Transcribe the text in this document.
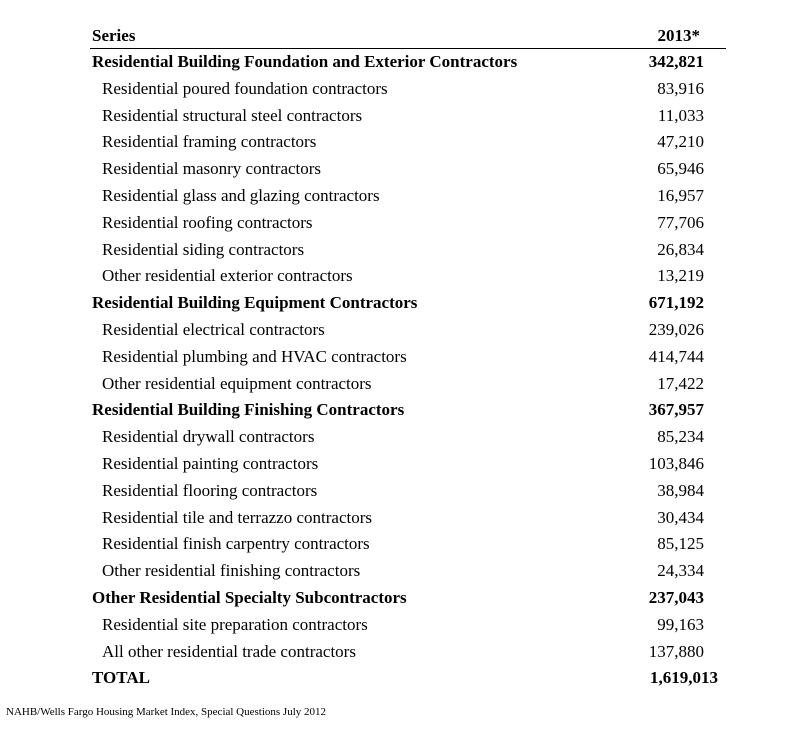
Series	2013*
Residential Building Foundation and Exterior Contractors	342,821
Residential poured foundation contractors	83,916
Residential structural steel contractors	11,033
Residential framing contractors	47,210
Residential masonry contractors	65,946
Residential glass and glazing contractors	16,957
Residential roofing contractors	77,706
Residential siding contractors	26,834
Other residential exterior contractors	13,219
Residential Building Equipment Contractors	671,192
Residential electrical contractors	239,026
Residential plumbing and HVAC contractors	414,744
Other residential equipment contractors	17,422
Residential Building Finishing Contractors	367,957
Residential drywall contractors	85,234
Residential painting contractors	103,846
Residential flooring contractors	38,984
Residential tile and terrazzo contractors	30,434
Residential finish carpentry contractors	85,125
Other residential finishing contractors	24,334
Other Residential Specialty Subcontractors	237,043
Residential site preparation contractors	99,163
All other residential trade contractors	137,880
TOTAL	1,619,013
NAHB/Wells Fargo Housing Market Index, Special Questions July 2012
